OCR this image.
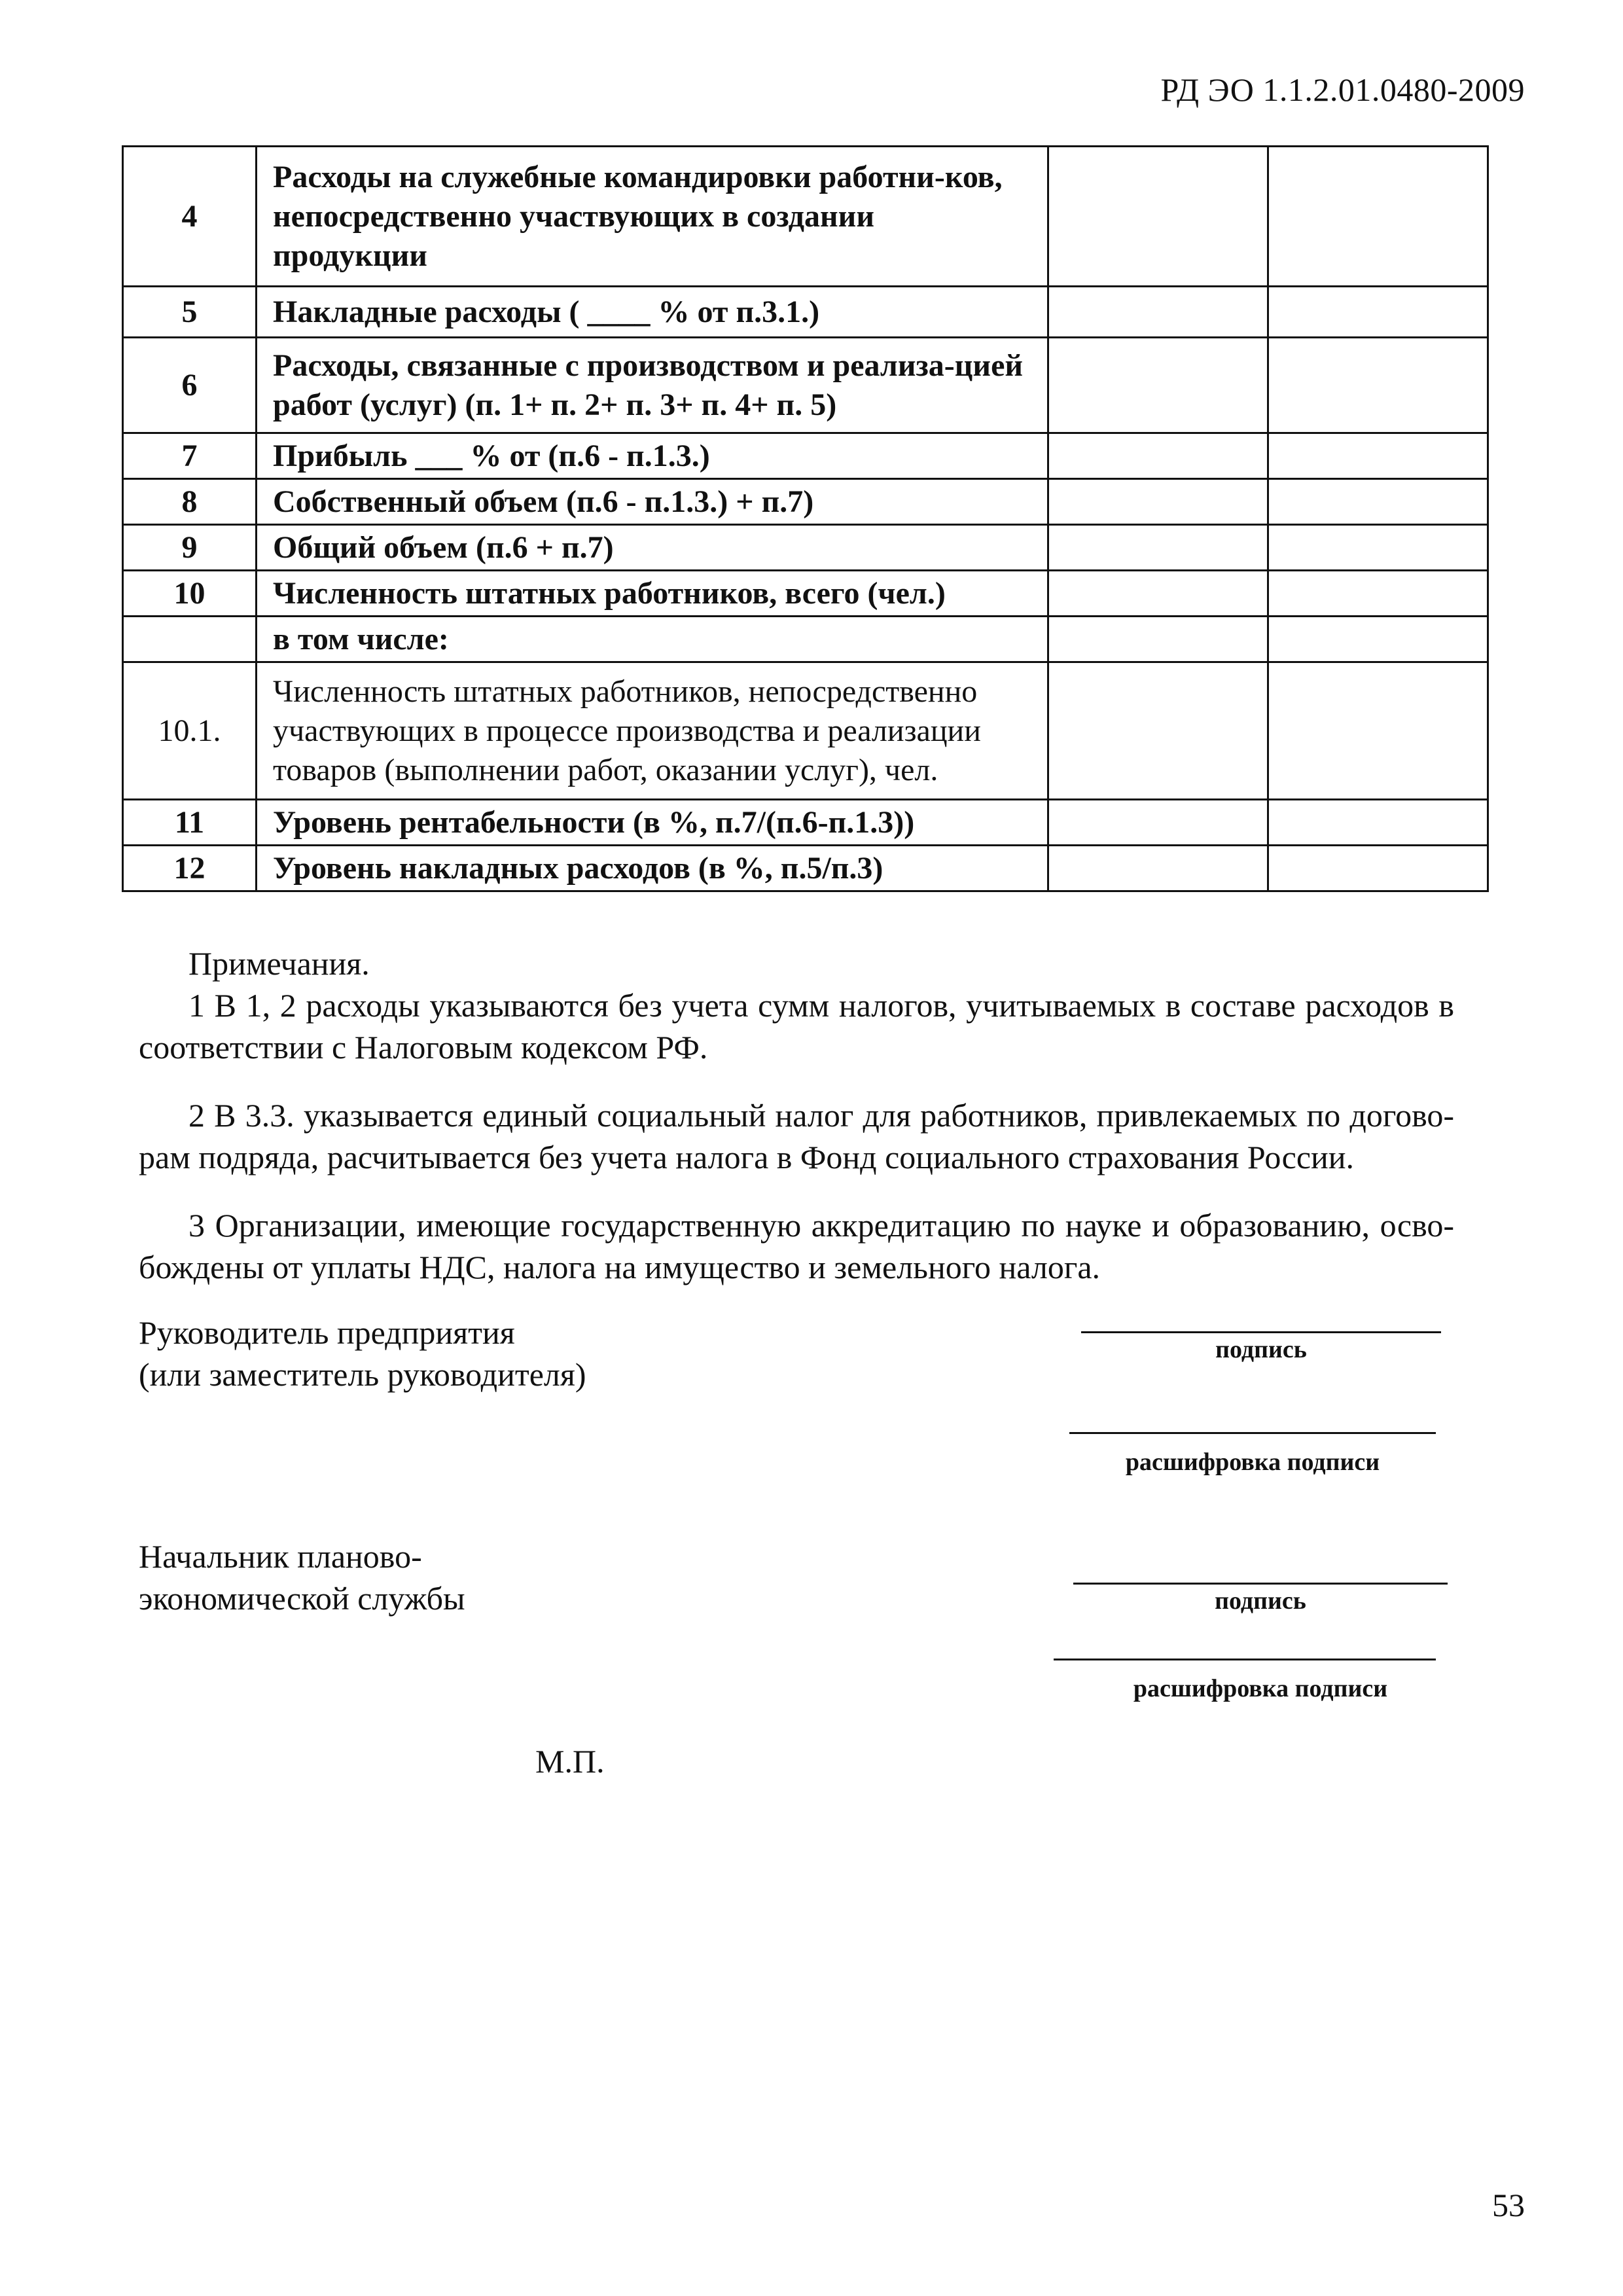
РД ЭО 1.1.2.01.0480-2009
4	Расходы на служебные командировки работни-ков, непосредственно участвующих в создании продукции		
5	Накладные расходы ( ____ % от п.3.1.)		
6	Расходы, связанные с производством и реализа-цией работ (услуг) (п. 1+ п. 2+ п. 3+ п. 4+ п. 5)		
7	Прибыль ___ % от (п.6 - п.1.3.)		
8	Собственный объем (п.6 - п.1.3.) + п.7)		
9	Общий объем (п.6 + п.7)		
10	Численность штатных работников, всего (чел.)		
	в том числе:		
10.1.	Численность штатных работников, непосредственно участвующих в процессе производства и реализации товаров (выполнении работ, оказании услуг), чел.		
11	Уровень рентабельности (в %, п.7/(п.6-п.1.3))		
12	Уровень накладных расходов (в %, п.5/п.3)		
Примечания.

1 В 1, 2 расходы указываются без учета сумм налогов, учитываемых в составе расходов в соответствии с Налоговым кодексом РФ.

2 В 3.3. указывается единый социальный налог для работников, привлекаемых по догово-рам подряда, расчитывается без учета налога в Фонд социального страхования России.

3 Организации, имеющие государственную аккредитацию по науке и образованию, осво-бождены от уплаты НДС, налога на имущество и земельного налога.

Руководитель предприятия
(или заместитель руководителя)
подпись
расшифровка подписи
Начальник планово-
экономической службы	подпись
расшифровка подписи
М.П.
53
